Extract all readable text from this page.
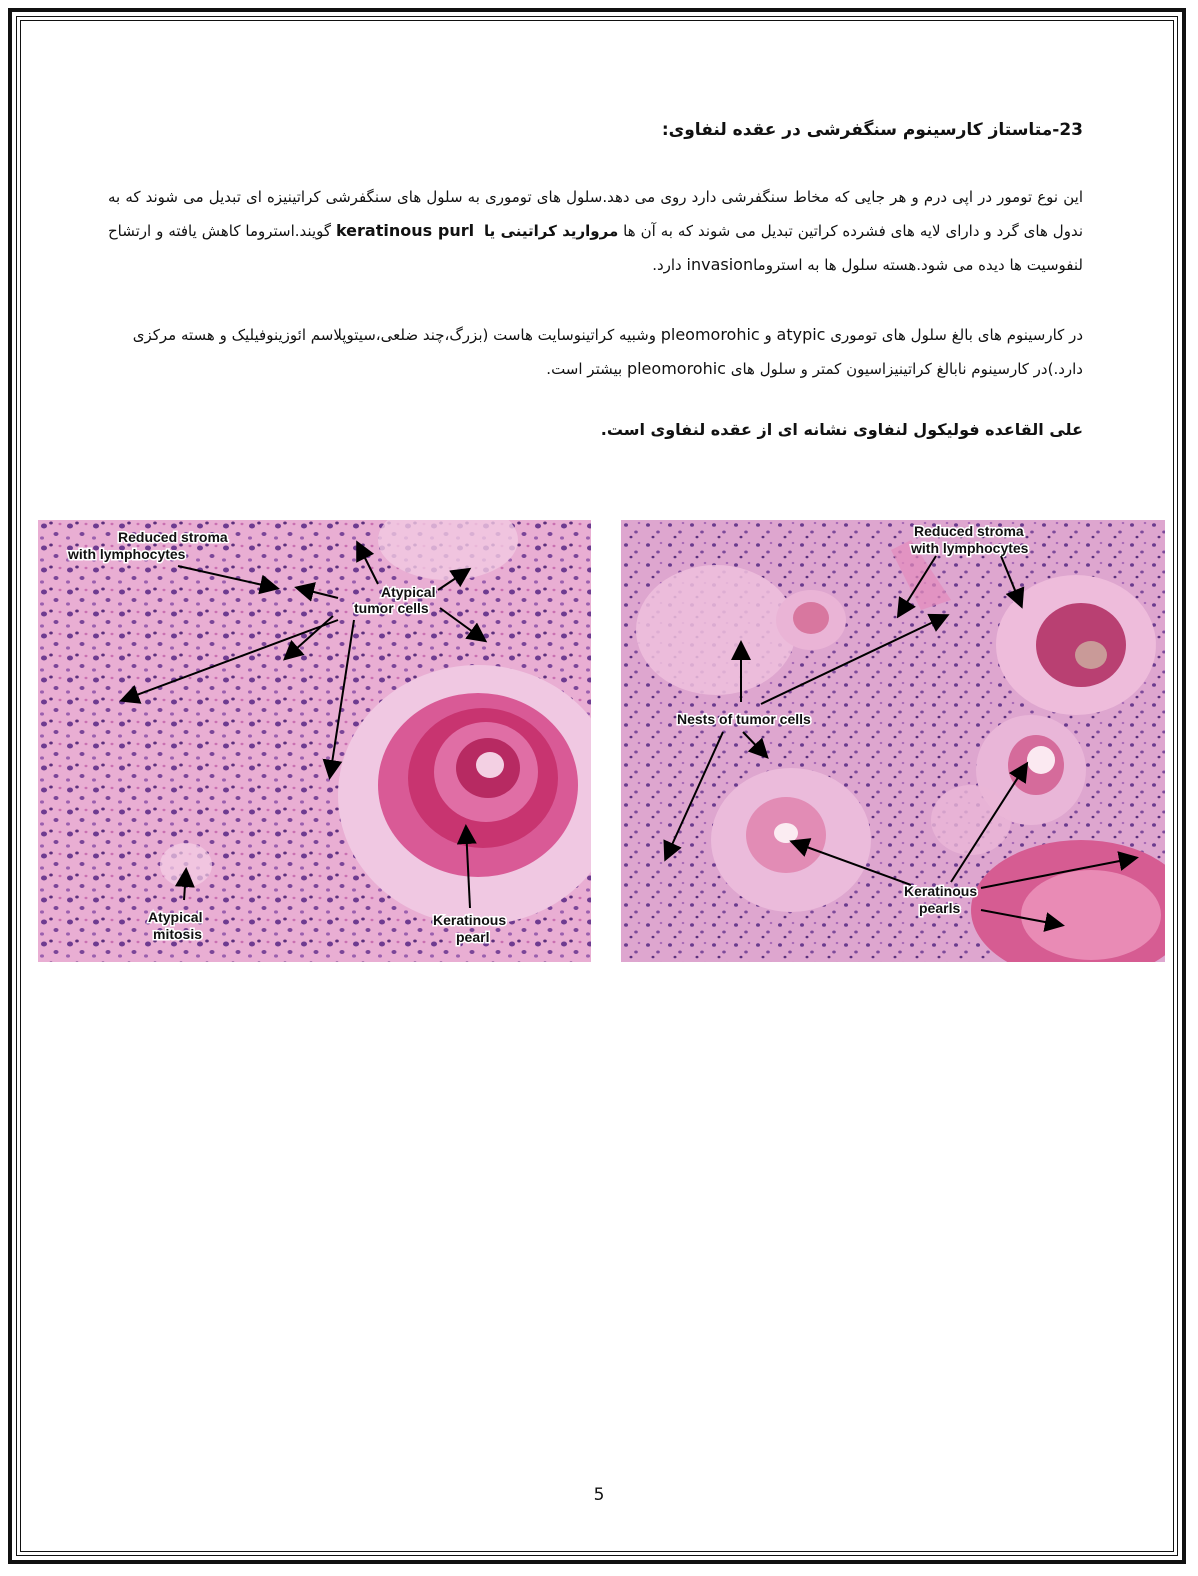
23-متاستاز کارسینوم سنگفرشی در عقده لنفاوی:
این نوع تومور در اپی درم و هر جایی که مخاط سنگفرشی دارد روی می دهد.سلول های توموری به سلول های سنگفرشی کراتینیزه ای تبدیل می شوند که به ندول های گرد و دارای لایه های فشرده کراتین تبدیل می شوند که به آن ها مروارید کراتینی یا  keratinous purl گویند.استروما کاهش یافته و ارتشاح لنفوسیت ها دیده می شود.هسته سلول ها به استروماinvasion دارد.
در کارسینوم های بالغ سلول های توموری atypic و pleomorohic وشبیه کراتینوسایت هاست (بزرگ،چند ضلعی،سیتوپلاسم ائوزینوفیلیک و هسته مرکزی دارد.)در کارسینوم نابالغ کراتینیزاسیون کمتر و سلول های pleomorohic بیشتر است.
علی القاعده فولیکول لنفاوی نشانه ای از عقده لنفاوی است.
Reduced stroma
with lymphocytes
Atypical
tumor cells
Atypical
mitosis
Keratinous
pearl
Reduced stroma
with lymphocytes
Nests of tumor cells
Keratinous
pearls
5
